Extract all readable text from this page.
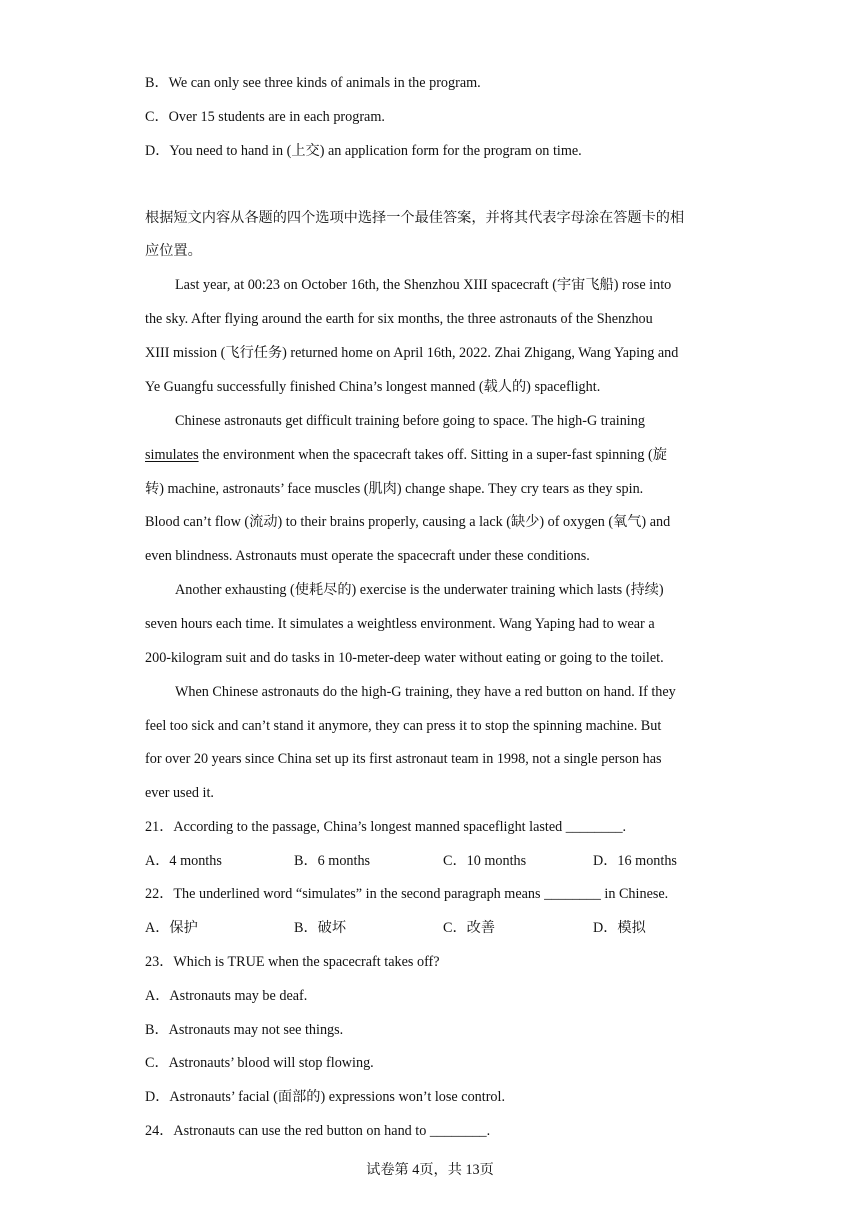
B．We can only see three kinds of animals in the program.
C．Over 15 students are in each program.
D．You need to hand in (上交) an application form for the program on time.
根据短文内容从各题的四个选项中选择一个最佳答案，并将其代表字母涂在答题卡的相
应位置。
Last year, at 00:23 on October 16th, the Shenzhou XIII spacecraft (宇宙飞船) rose into
the sky. After flying around the earth for six months, the three astronauts of the Shenzhou
XIII mission (飞行任务) returned home on April 16th, 2022. Zhai Zhigang, Wang Yaping and
Ye Guangfu successfully finished China’s longest manned (载人的) spaceflight.
Chinese astronauts get difficult training before going to space. The high-G training
simulates the environment when the spacecraft takes off. Sitting in a super-fast spinning (旋
转) machine, astronauts’ face muscles (肌肉) change shape. They cry tears as they spin.
Blood can’t flow (流动) to their brains properly, causing a lack (缺少) of oxygen (氧气) and
even blindness. Astronauts must operate the spacecraft under these conditions.
Another exhausting (使耗尽的) exercise is the underwater training which lasts (持续)
seven hours each time. It simulates a weightless environment. Wang Yaping had to wear a
200-kilogram suit and do tasks in 10-meter-deep water without eating or going to the toilet.
When Chinese astronauts do the high-G training, they have a red button on hand. If they
feel too sick and can’t stand it anymore, they can press it to stop the spinning machine. But
for over 20 years since China set up its first astronaut team in 1998, not a single person has
ever used it.
21．According to the passage, China’s longest manned spaceflight lasted ________.
A．4 months	B．6 months	C．10 months	D．16 months
22．The underlined word “simulates” in the second paragraph means ________ in Chinese.
A．保护	B．破坏	C．改善	D．模拟
23．Which is TRUE when the spacecraft takes off?
A．Astronauts may be deaf.
B．Astronauts may not see things.
C．Astronauts’ blood will stop flowing.
D．Astronauts’ facial (面部的) expressions won’t lose control.
24．Astronauts can use the red button on hand to ________.
试卷第 4页，共 13页
